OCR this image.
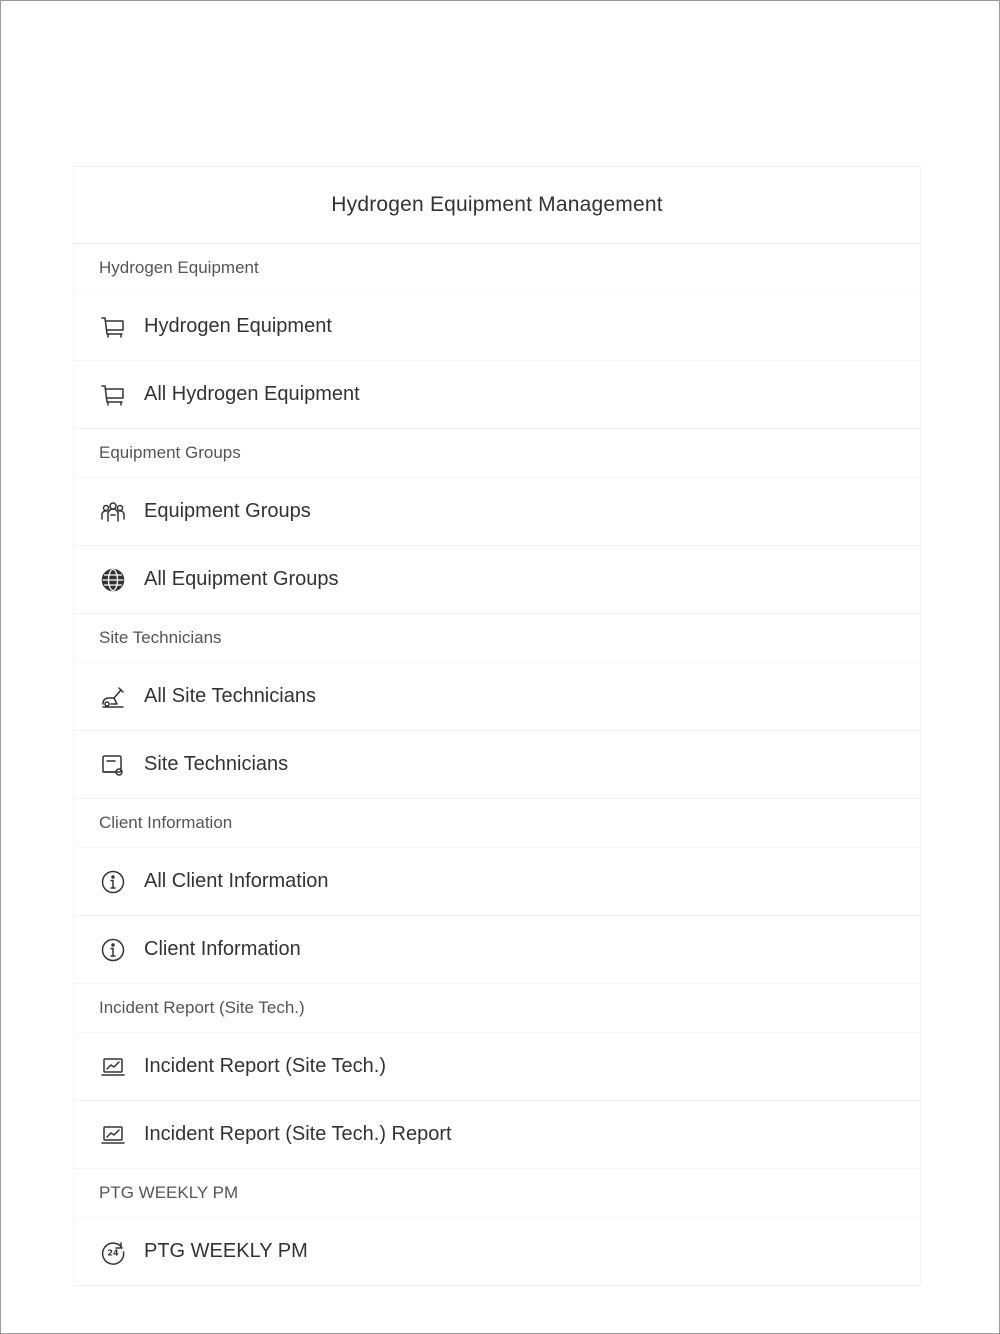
Hydrogen Equipment Management
Hydrogen Equipment
Hydrogen Equipment
All Hydrogen Equipment
Equipment Groups
Equipment Groups
All Equipment Groups
Site Technicians
All Site Technicians
Site Technicians
Client Information
All Client Information
Client Information
Incident Report (Site Tech.)
Incident Report (Site Tech.)
Incident Report (Site Tech.) Report
PTG WEEKLY PM
24 PTG WEEKLY PM
